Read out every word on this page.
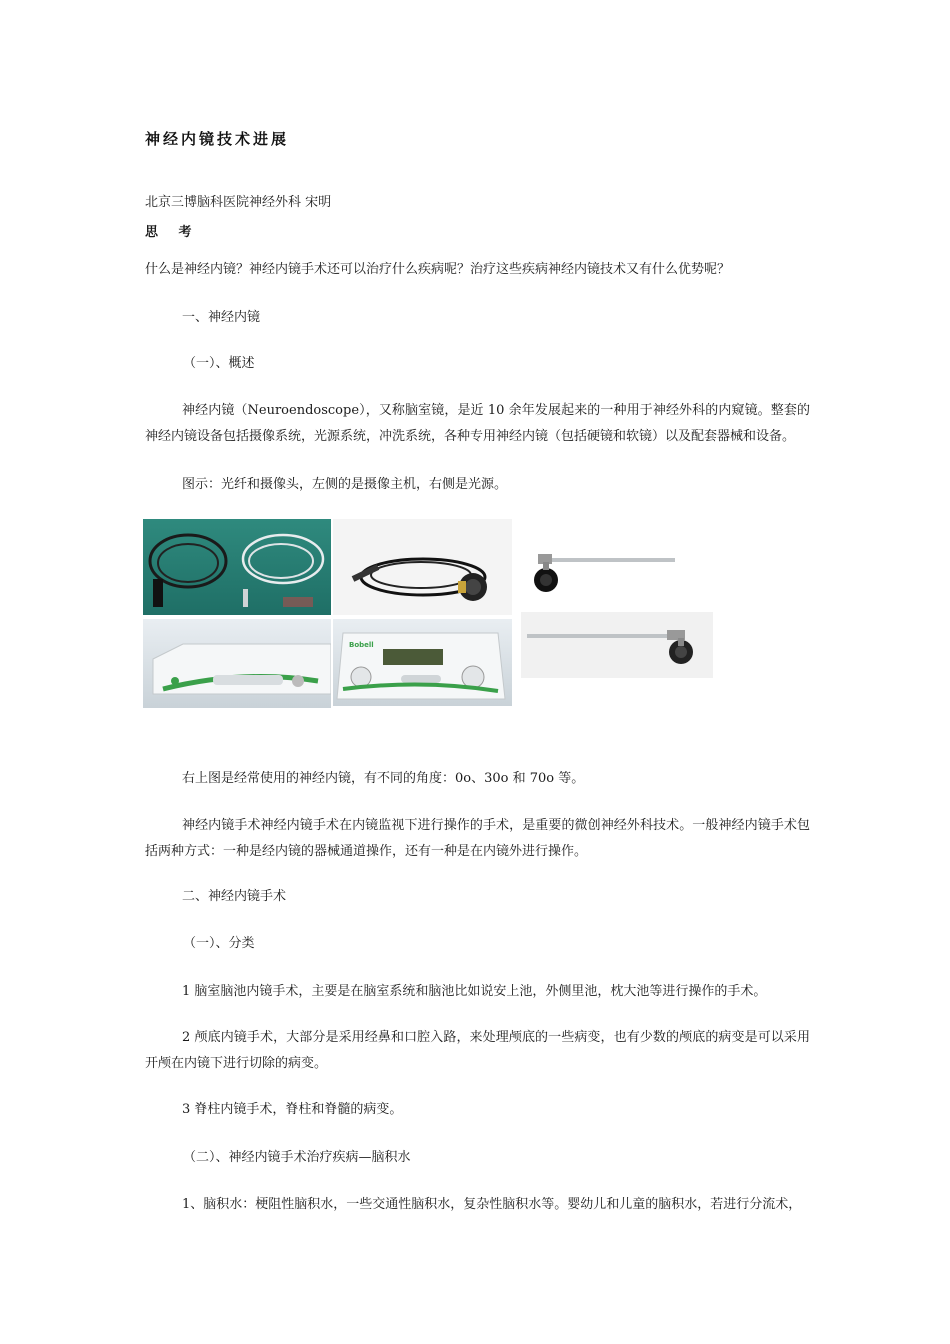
神经内镜技术进展
北京三博脑科医院神经外科 宋明
思 考
什么是神经内镜？神经内镜手术还可以治疗什么疾病呢？治疗这些疾病神经内镜技术又有什么优势呢？
一、神经内镜
（一）、概述
神经内镜（Neuroendoscope），又称脑室镜，是近 10 余年发展起来的一种用于神经外科的内窥镜。整套的神经内镜设备包括摄像系统，光源系统，冲洗系统，各种专用神经内镜（包括硬镜和软镜）以及配套器械和设备。
图示：光纤和摄像头，左侧的是摄像主机，右侧是光源。
Bobell
右上图是经常使用的神经内镜，有不同的角度：0o、30o 和 70o 等。
神经内镜手术神经内镜手术在内镜监视下进行操作的手术，是重要的微创神经外科技术。一般神经内镜手术包括两种方式：一种是经内镜的器械通道操作，还有一种是在内镜外进行操作。
二、神经内镜手术
（一）、分类
1 脑室脑池内镜手术，主要是在脑室系统和脑池比如说安上池，外侧里池，枕大池等进行操作的手术。
2 颅底内镜手术，大部分是采用经鼻和口腔入路，来处理颅底的一些病变，也有少数的颅底的病变是可以采用开颅在内镜下进行切除的病变。
3 脊柱内镜手术，脊柱和脊髓的病变。
（二）、神经内镜手术治疗疾病—脑积水
1、脑积水：梗阻性脑积水，一些交通性脑积水，复杂性脑积水等。婴幼儿和儿童的脑积水，若进行分流术，
